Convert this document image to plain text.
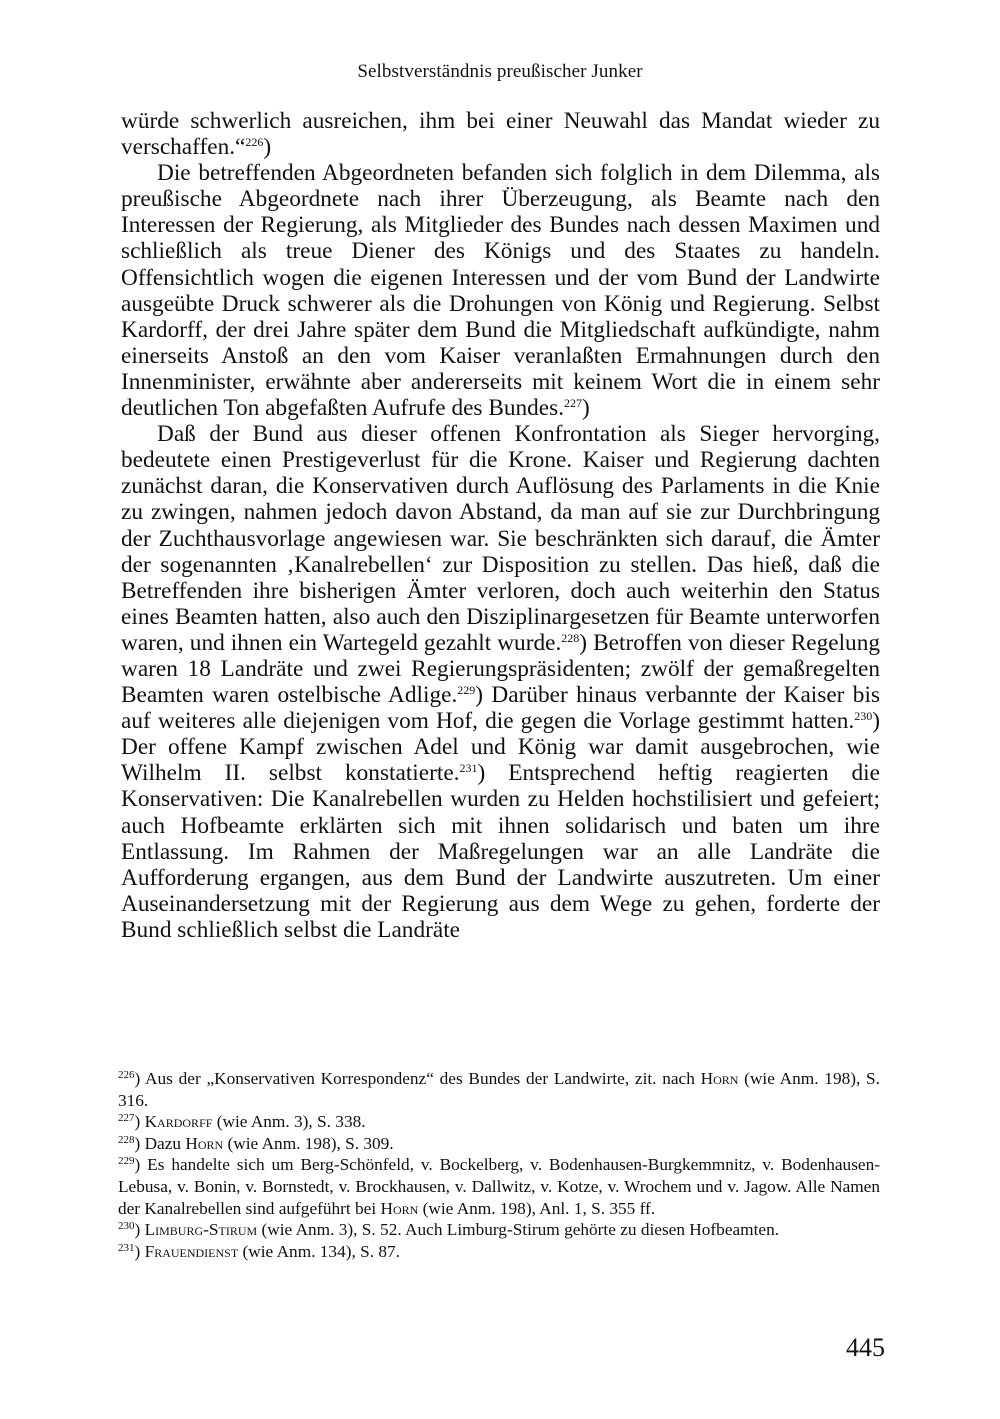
Selbstverständnis preußischer Junker

würde schwerlich ausreichen, ihm bei einer Neuwahl das Mandat wieder zu verschaffen.“$^{226}$)

Die betreffenden Abgeordneten befanden sich folglich in dem Dilemma, als preußische Abgeordnete nach ihrer Überzeugung, als Beamte nach den Interessen der Regierung, als Mitglieder des Bundes nach dessen Maximen und schließlich als treue Diener des Königs und des Staates zu handeln. Offensichtlich wogen die eigenen Interessen und der vom Bund der Landwirte ausgeübte Druck schwerer als die Drohungen von König und Regierung. Selbst Kardorff, der drei Jahre später dem Bund die Mitgliedschaft aufkündigte, nahm einerseits Anstoß an den vom Kaiser veranlaßten Ermahnungen durch den Innenminister, erwähnte aber andererseits mit keinem Wort die in einem sehr deutlichen Ton abgefaßten Aufrufe des Bundes.$^{227}$)

Daß der Bund aus dieser offenen Konfrontation als Sieger hervorging, bedeutete einen Prestigeverlust für die Krone. Kaiser und Regierung dachten zunächst daran, die Konservativen durch Auflösung des Parlaments in die Knie zu zwingen, nahmen jedoch davon Abstand, da man auf sie zur Durchbringung der Zuchthausvorlage angewiesen war. Sie beschränkten sich darauf, die Ämter der sogenannten ‚Kanalrebellen‘ zur Disposition zu stellen. Das hieß, daß die Betreffenden ihre bisherigen Ämter verloren, doch auch weiterhin den Status eines Beamten hatten, also auch den Disziplinargesetzen für Beamte unterworfen waren, und ihnen ein Wartegeld gezahlt wurde.$^{228}$) Betroffen von dieser Regelung waren 18 Landräte und zwei Regierungspräsidenten; zwölf der gemaßregelten Beamten waren ostelbische Adlige.$^{229}$) Darüber hinaus verbannte der Kaiser bis auf weiteres alle diejenigen vom Hof, die gegen die Vorlage gestimmt hatten.$^{230}$) Der offene Kampf zwischen Adel und König war damit ausgebrochen, wie Wilhelm II. selbst konstatierte.$^{231}$) Entsprechend heftig reagierten die Konservativen: Die Kanalrebellen wurden zu Helden hochstilisiert und gefeiert; auch Hofbeamte erklärten sich mit ihnen solidarisch und baten um ihre Entlassung. Im Rahmen der Maßregelungen war an alle Landräte die Aufforderung ergangen, aus dem Bund der Landwirte auszutreten. Um einer Auseinandersetzung mit der Regierung aus dem Wege zu gehen, forderte der Bund schließlich selbst die Landräte

$^{226}$) Aus der „Konservativen Korrespondenz“ des Bundes der Landwirte, zit. nach Horn (wie Anm. 198), S. 316.

$^{227}$) Kardorff (wie Anm. 3), S. 338.

$^{228}$) Dazu Horn (wie Anm. 198), S. 309.

$^{229}$) Es handelte sich um Berg-Schönfeld, v. Bockelberg, v. Bodenhausen-Burgkemmnitz, v. Bodenhausen-Lebusa, v. Bonin, v. Bornstedt, v. Brockhausen, v. Dallwitz, v. Kotze, v. Wrochem und v. Jagow. Alle Namen der Kanalrebellen sind aufgeführt bei Horn (wie Anm. 198), Anl. 1, S. 355 ff.

$^{230}$) Limburg-Stirum (wie Anm. 3), S. 52. Auch Limburg-Stirum gehörte zu diesen Hofbeamten.

$^{231}$) Frauendienst (wie Anm. 134), S. 87.

445
